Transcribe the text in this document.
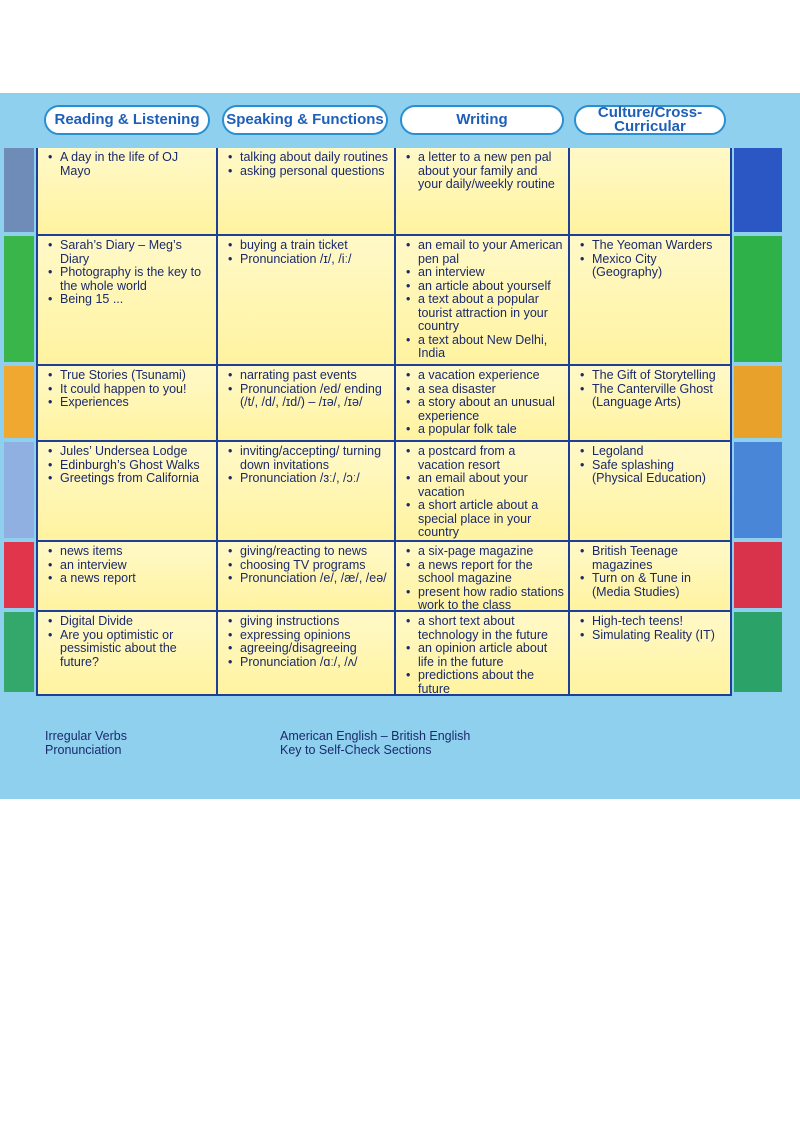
Reading & Listening Speaking & Functions	Writing	Culture/Cross-
Curricular
• A day in the life of OJ Mayo
• talking about daily routines
• asking personal questions
• a letter to a new pen pal about your family and your daily/weekly routine
• Sarah’s Diary – Meg’s Diary
• Photography is the key to the whole world
• Being 15 ...
• buying a train ticket
• Pronunciation /ɪ/, /iː/
• an email to your American pen pal
• an interview
• an article about yourself
• a text about a popular tourist attraction in your country
• a text about New Delhi, India
• The Yeoman Warders
• Mexico City (Geography)
• True Stories (Tsunami)
• It could happen to you!
• Experiences
• narrating past events
• Pronunciation /ed/ ending (/t/, /d/, /ɪd/) – /ɪə/, /ɪə/
• a vacation experience
• a sea disaster
• a story about an unusual experience
• a popular folk tale
• The Gift of Storytelling
• The Canterville Ghost (Language Arts)
• Jules’ Undersea Lodge
• Edinburgh’s Ghost Walks
• Greetings from California
• inviting/accepting/ turning down invitations
• Pronunciation /ɜː/, /ɔː/
• a postcard from a vacation resort
• an email about your vacation
• a short article about a special place in your country
• Legoland
• Safe splashing (Physical Education)
• news items
• an interview
• a news report
• giving/reacting to news
• choosing TV programs
• Pronunciation /e/, /æ/, /eə/
• a six-page magazine
• a news report for the school magazine
• present how radio stations work to the class
• British Teenage magazines
• Turn on & Tune in (Media Studies)
• Digital Divide
• Are you optimistic or pessimistic about the future?
• giving instructions
• expressing opinions
• agreeing/disagreeing
• Pronunciation /ɑː/, /ʌ/
• a short text about technology in the future
• an opinion article about life in the future
• predictions about the future
• High-tech teens!
• Simulating Reality (IT)
Irregular Verbs
Pronunciation
American English – British English
Key to Self-Check Sections
